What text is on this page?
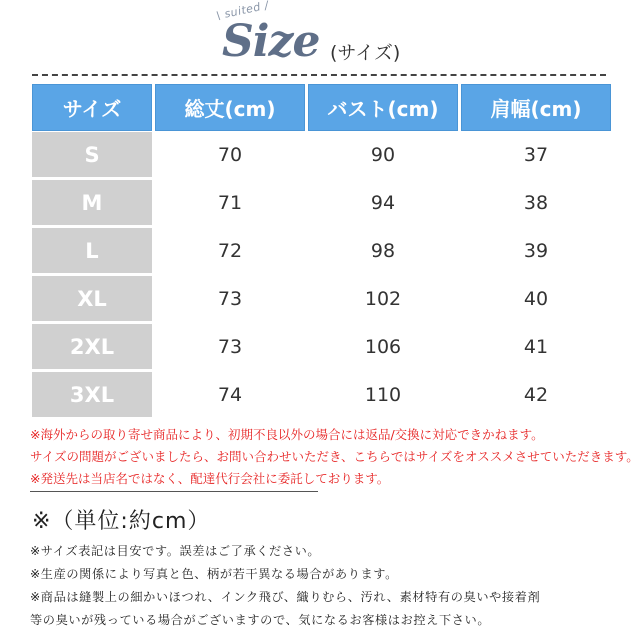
\ suited /
Size (サイズ)
サイズ	総丈(cm)	バスト(cm)	肩幅(cm)
S	70	90	37
M	71	94	38
L	72	98	39
XL	73	102	40
2XL	73	106	41
3XL	74	110	42
※海外からの取り寄せ商品により、初期不良以外の場合には返品/交換に対応できかねます。
サイズの問題がございましたら、お問い合わせいただき、こちらではサイズをオススメさせていただきます。
※発送先は当店名ではなく、配達代行会社に委託しております。
※（単位:約cm）
※サイズ表記は目安です。誤差はご了承ください。
※生産の関係により写真と色、柄が若干異なる場合があります。
※商品は縫製上の細かいほつれ、インク飛び、織りむら、汚れ、素材特有の臭いや接着剤
等の臭いが残っている場合がございますので、気になるお客様はお控え下さい。
